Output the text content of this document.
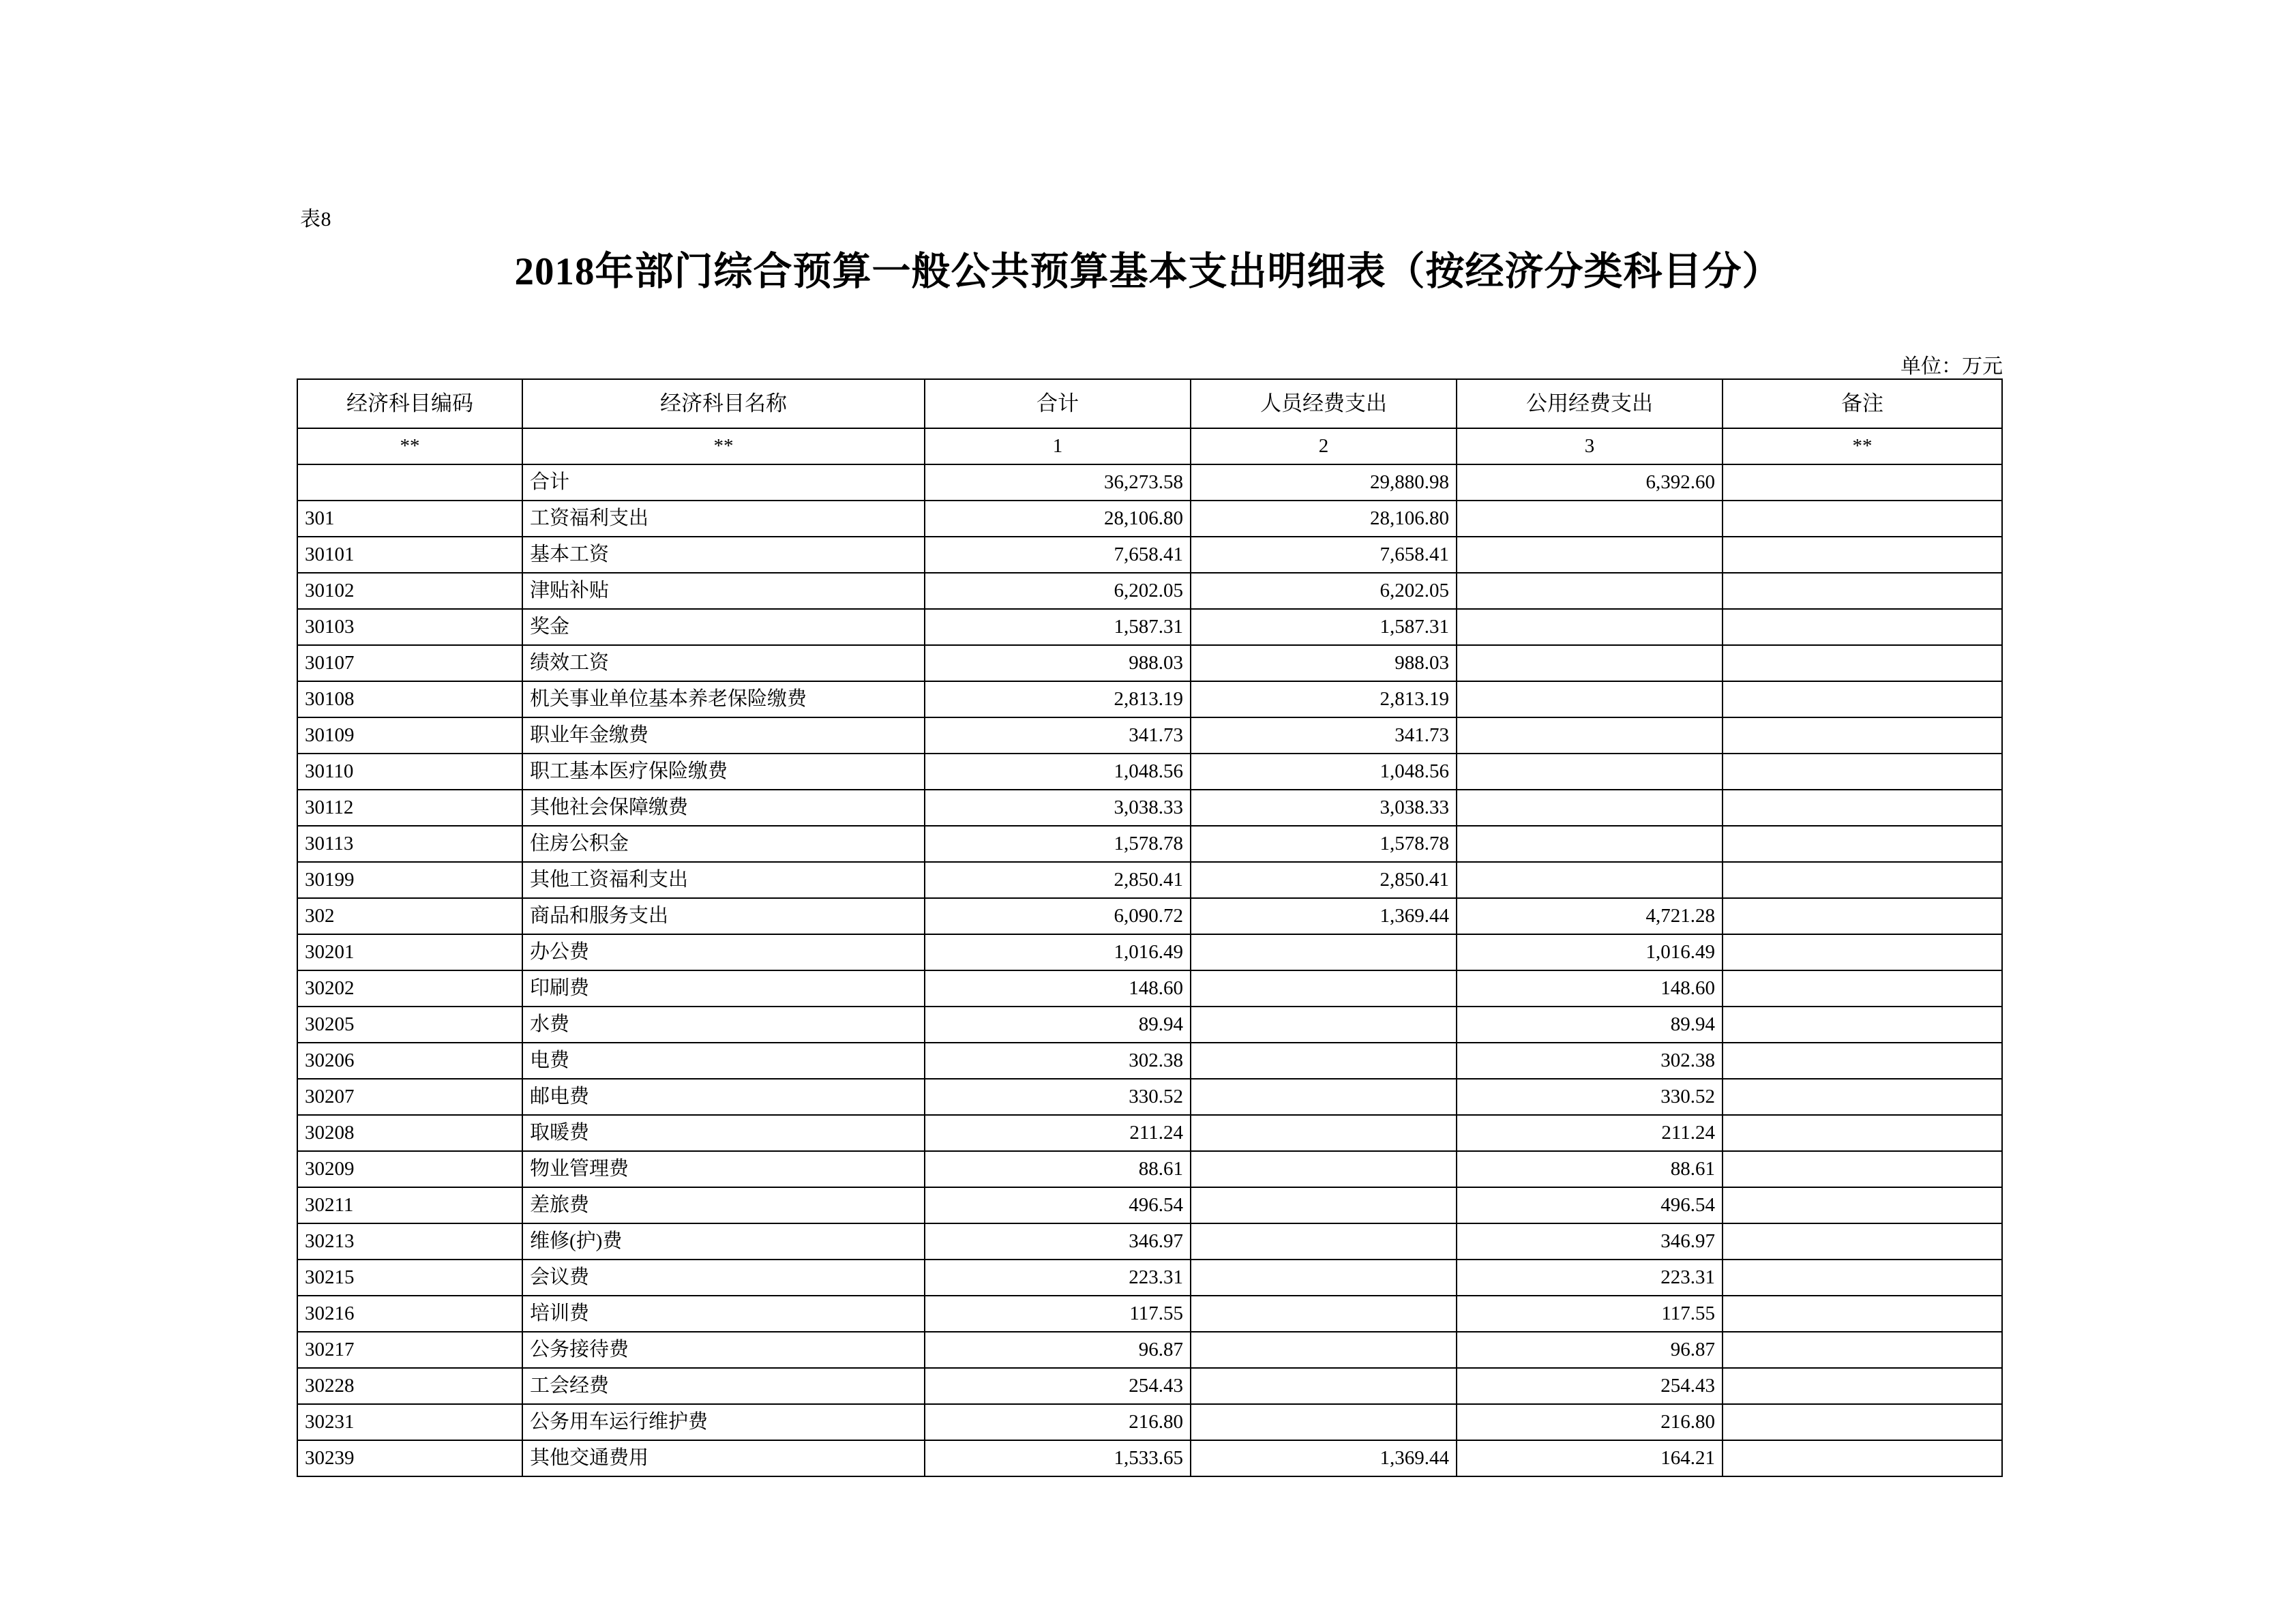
表8
2018年部门综合预算一般公共预算基本支出明细表（按经济分类科目分）
单位：万元
经济科目编码	经济科目名称	合计	人员经费支出	公用经费支出	备注
**	**	1	2	3	**
	合计	36,273.58	29,880.98	6,392.60	
301	工资福利支出	28,106.80	28,106.80		
30101	基本工资	7,658.41	7,658.41		
30102	津贴补贴	6,202.05	6,202.05		
30103	奖金	1,587.31	1,587.31		
30107	绩效工资	988.03	988.03		
30108	机关事业单位基本养老保险缴费	2,813.19	2,813.19		
30109	职业年金缴费	341.73	341.73		
30110	职工基本医疗保险缴费	1,048.56	1,048.56		
30112	其他社会保障缴费	3,038.33	3,038.33		
30113	住房公积金	1,578.78	1,578.78		
30199	其他工资福利支出	2,850.41	2,850.41		
302	商品和服务支出	6,090.72	1,369.44	4,721.28	
30201	办公费	1,016.49		1,016.49	
30202	印刷费	148.60		148.60	
30205	水费	89.94		89.94	
30206	电费	302.38		302.38	
30207	邮电费	330.52		330.52	
30208	取暖费	211.24		211.24	
30209	物业管理费	88.61		88.61	
30211	差旅费	496.54		496.54	
30213	维修(护)费	346.97		346.97	
30215	会议费	223.31		223.31	
30216	培训费	117.55		117.55	
30217	公务接待费	96.87		96.87	
30228	工会经费	254.43		254.43	
30231	公务用车运行维护费	216.80		216.80	
30239	其他交通费用	1,533.65	1,369.44	164.21	
